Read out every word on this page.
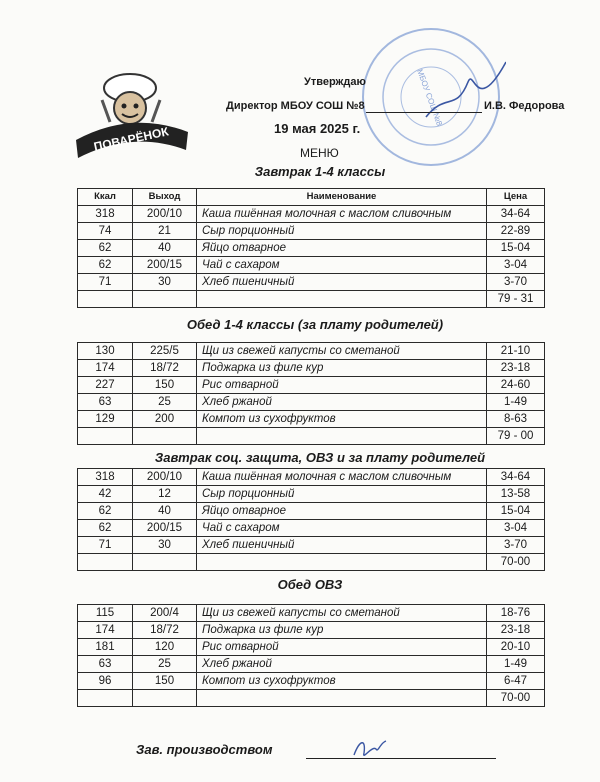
ПОВАРЁНОК
МБОУ СОШ №8
Утверждаю
Директор МБОУ СОШ №8	И.В. Федорова
19 мая 2025 г.
МЕНЮ
Завтрак 1-4 классы
Ккал	Выход	Наименование	Цена
318	200/10	Каша пшённая молочная с маслом сливочным	34-64
74	21	Сыр порционный	22-89
62	40	Яйцо отварное	15-04
62	200/15	Чай с сахаром	3-04
71	30	Хлеб пшеничный	3-70
			79 - 31
Обед 1-4 классы (за плату родителей)
130	225/5	Щи из свежей капусты со сметаной	21-10
174	18/72	Поджарка из филе кур	23-18
227	150	Рис отварной	24-60
63	25	Хлеб ржаной	1-49
129	200	Компот из сухофруктов	8-63
			79 - 00
Завтрак соц. защита, ОВЗ и за плату родителей
318	200/10	Каша пшённая молочная с маслом сливочным	34-64
42	12	Сыр порционный	13-58
62	40	Яйцо отварное	15-04
62	200/15	Чай с сахаром	3-04
71	30	Хлеб пшеничный	3-70
			70-00
Обед ОВЗ
115	200/4	Щи из свежей капусты со сметаной	18-76
174	18/72	Поджарка из филе кур	23-18
181	120	Рис отварной	20-10
63	25	Хлеб ржаной	1-49
96	150	Компот из сухофруктов	6-47
			70-00
Зав. производством
